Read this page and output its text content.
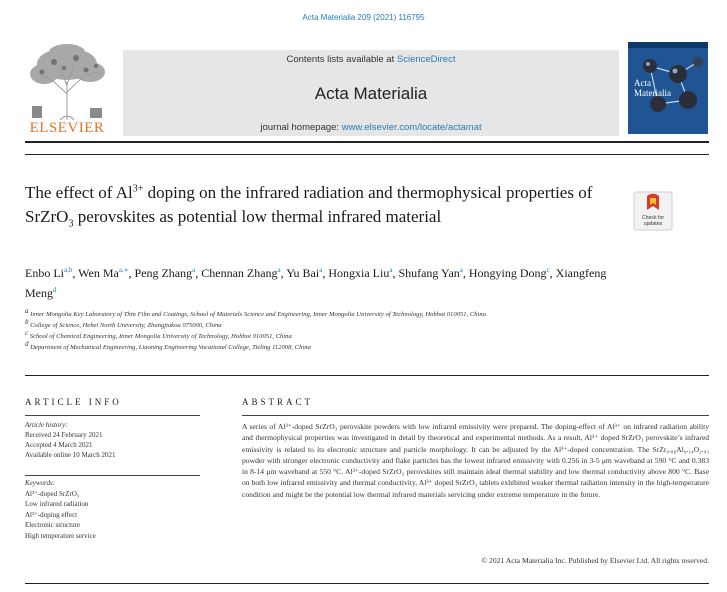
Acta Materialia 209 (2021) 116795
ELSEVIER
Contents lists available at ScienceDirect
Acta Materialia
journal homepage: www.elsevier.com/locate/actamat
Acta
Materialia
The effect of $Al^{3+}$ doping on the infrared radiation and thermophysical properties of SrZrO$_3$ perovskites as potential low thermal infrared material	Check for
updates
Enbo Li$^{a,b}$, Wen Ma$^{a,∗}$, Peng Zhang$^a$, Chennan Zhang$^a$, Yu Bai$^a$, Hongxia Liu$^a$, Shufang Yan$^a$, Hongying Dong$^c$, Xiangfeng Meng$^d$
$^a$ Inner Mongolia Key Laboratory of Thin Film and Coatings, School of Materials Science and Engineering, Inner Mongolia University of Technology, Hohhot 010051, China
$^b$ College of Science, Hebei North University, Zhangjiakou 075000, China
$^c$ School of Chemical Engineering, Inner Mongolia University of Technology, Hohhot 010051, China
$^d$ Department of Mechanical Engineering, Liaoning Engineering Vocational College, Tieling 112008, China
ARTICLE INFO
Article history:
Received 24 February 2021
Accepted 4 March 2021
Available online 10 March 2021
Keywords:
Al³⁺-doped SrZrO₃
Low infrared radiation
Al³⁺-doping effect
Electronic structure
High temperature service
ABSTRACT
A series of Al³⁺-doped SrZrO₃ perovskite powders with low infrared emissivity were prepared. The doping-effect of Al³⁺ on infrared radiation ability and thermophysical properties was investigated in detail by theoretical and experimental methods. As a result, Al³⁺ doped SrZrO₃ perovskite’s infrared emissivity is related to its electronic structure and particle morphology. It can be adjusted by the Al³⁺-doped concentration. The SrZr₀.₈₆Al₀.₁₄O₂.₉₃ powder with stronger electronic conductivity and flake particles has the lowest infrared emissivity with 0.256 in 3-5 μm waveband at 590 °C and 0.383 in 8-14 μm waveband at 550 °C. Al³⁺-doped SrZrO₃ perovskites still maintain ideal thermal stability and low thermal conductivity above 800 °C. Base on both low infrared emissivity and thermal conductivity, Al³⁺ doped SrZrO₃ tablets exhibited weaker thermal radiation intensity in the high-temperature condition and might be the potential low thermal infrared materials servicing under extreme temperature in the future.
© 2021 Acta Materialia Inc. Published by Elsevier Ltd. All rights reserved.
